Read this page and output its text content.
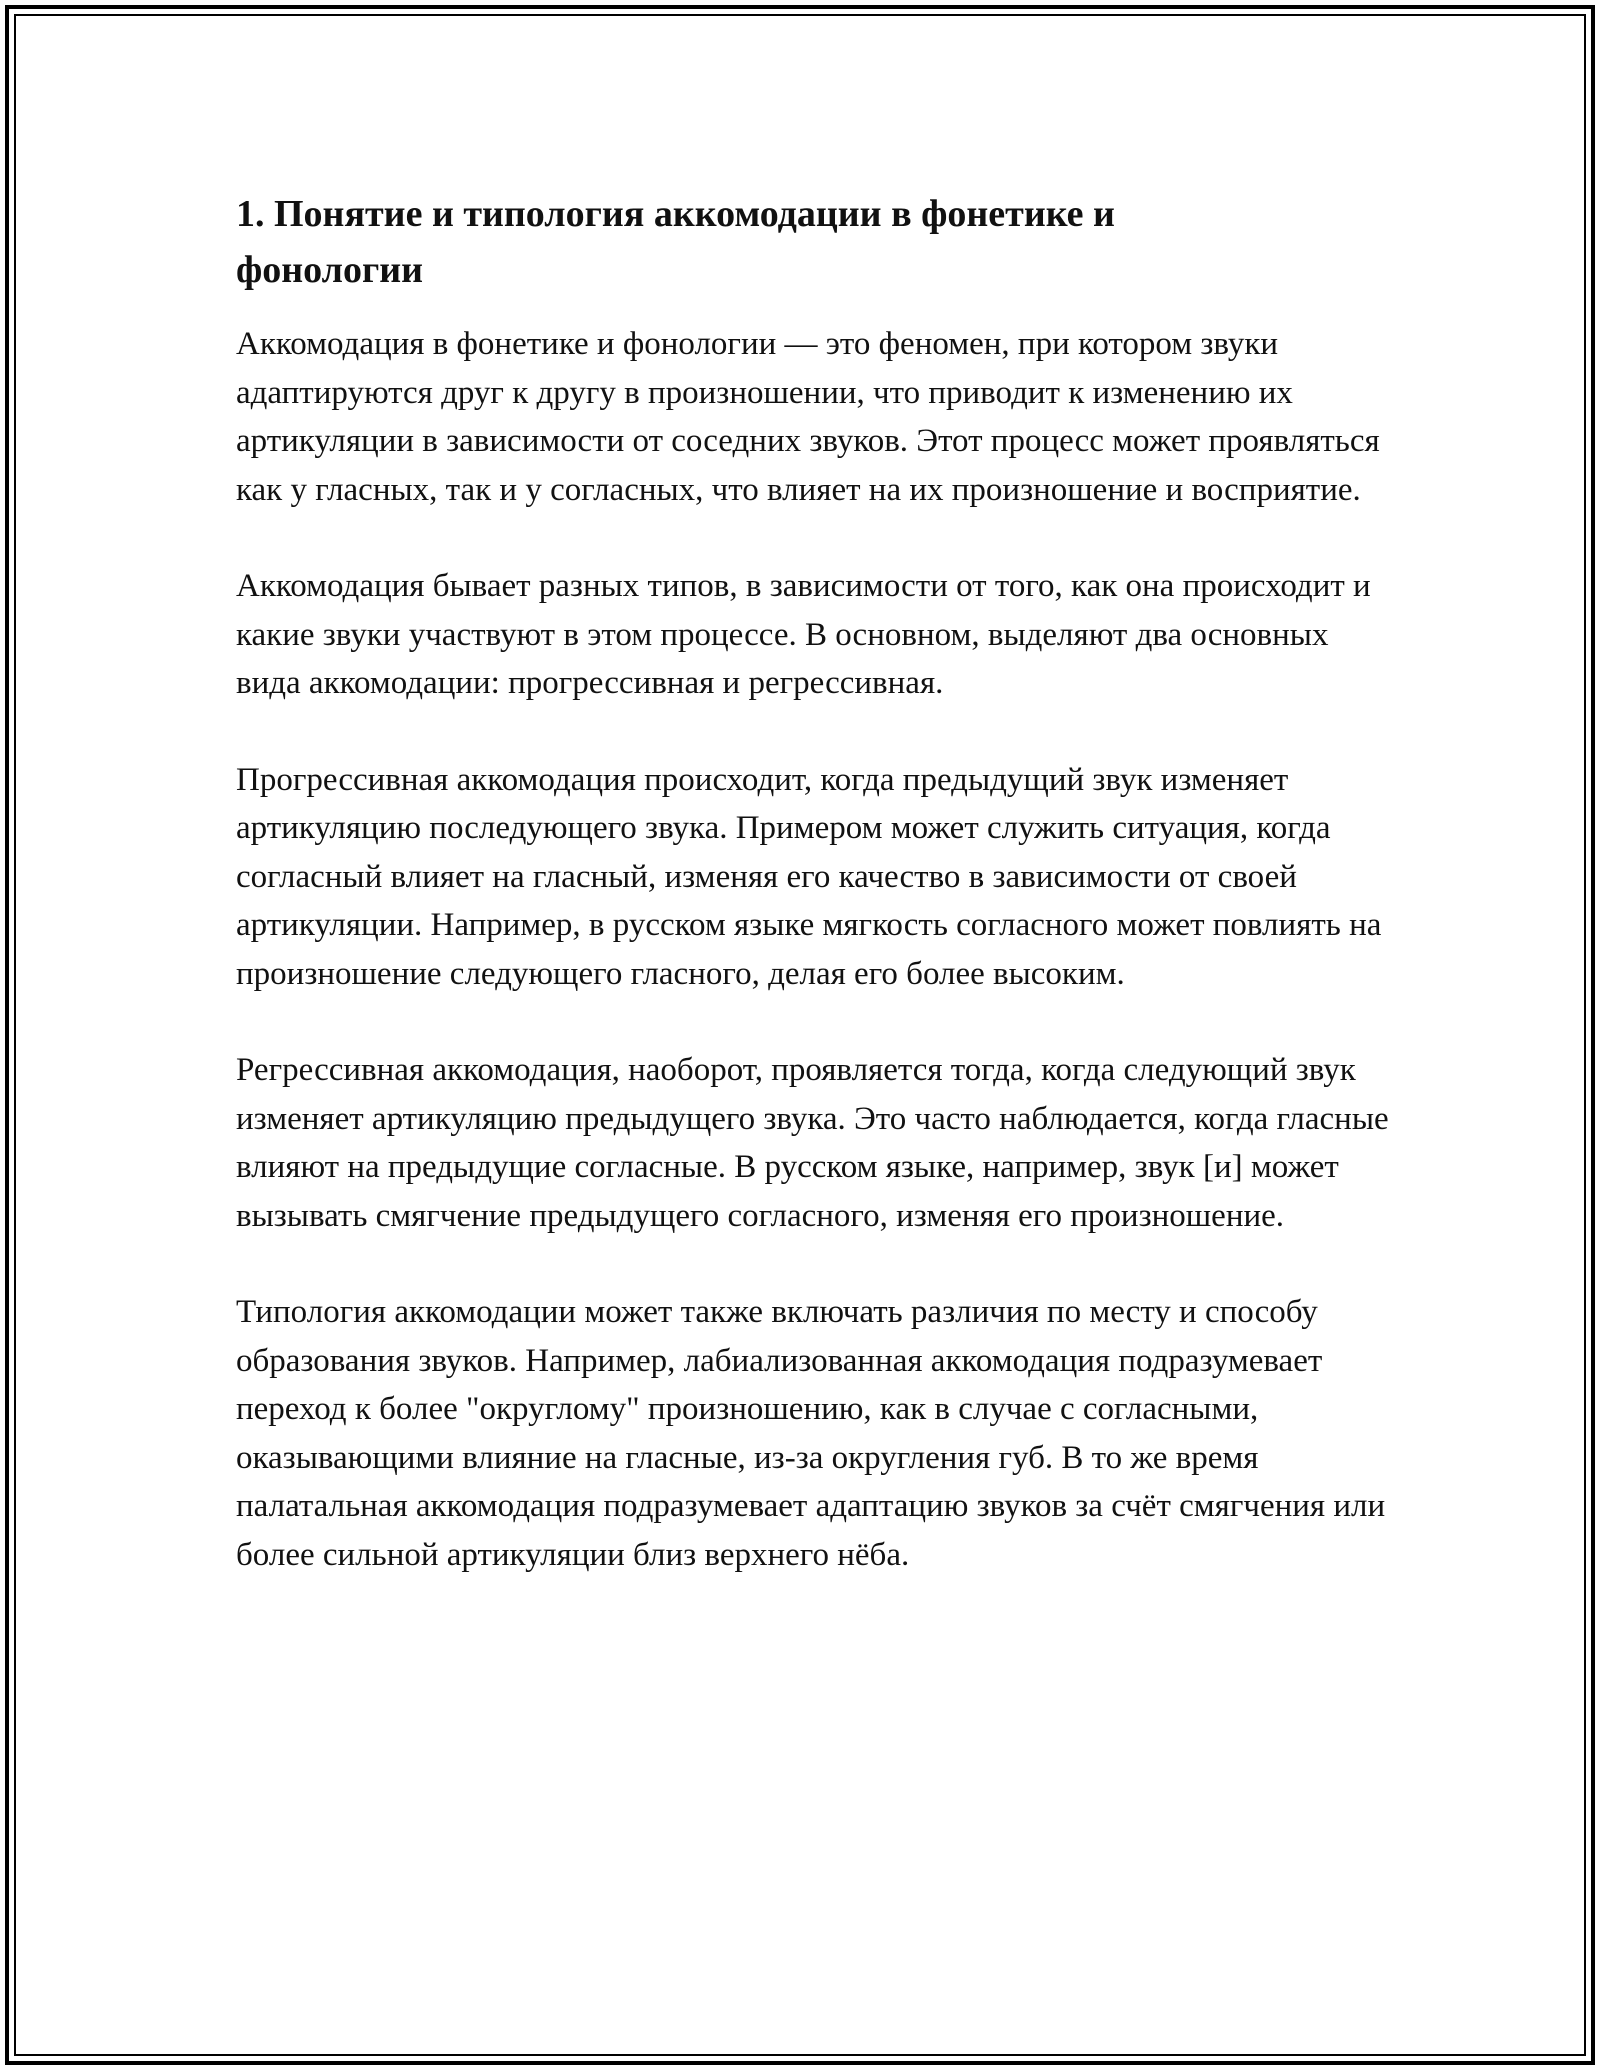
1. Понятие и типология аккомодации в фонетике и фонологии

Аккомодация в фонетике и фонологии — это феномен, при котором звуки адаптируются друг к другу в произношении, что приводит к изменению их артикуляции в зависимости от соседних звуков. Этот процесс может проявляться как у гласных, так и у согласных, что влияет на их произношение и восприятие.

Аккомодация бывает разных типов, в зависимости от того, как она происходит и какие звуки участвуют в этом процессе. В основном, выделяют два основных вида аккомодации: прогрессивная и регрессивная.

Прогрессивная аккомодация происходит, когда предыдущий звук изменяет артикуляцию последующего звука. Примером может служить ситуация, когда согласный влияет на гласный, изменяя его качество в зависимости от своей артикуляции. Например, в русском языке мягкость согласного может повлиять на произношение следующего гласного, делая его более высоким.

Регрессивная аккомодация, наоборот, проявляется тогда, когда следующий звук изменяет артикуляцию предыдущего звука. Это часто наблюдается, когда гласные влияют на предыдущие согласные. В русском языке, например, звук [и] может вызывать смягчение предыдущего согласного, изменяя его произношение.

Типология аккомодации может также включать различия по месту и способу образования звуков. Например, лабиализованная аккомодация подразумевает переход к более "округлому" произношению, как в случае с согласными, оказывающими влияние на гласные, из-за округления губ. В то же время палатальная аккомодация подразумевает адаптацию звуков за счёт смягчения или более сильной артикуляции близ верхнего нёба.
